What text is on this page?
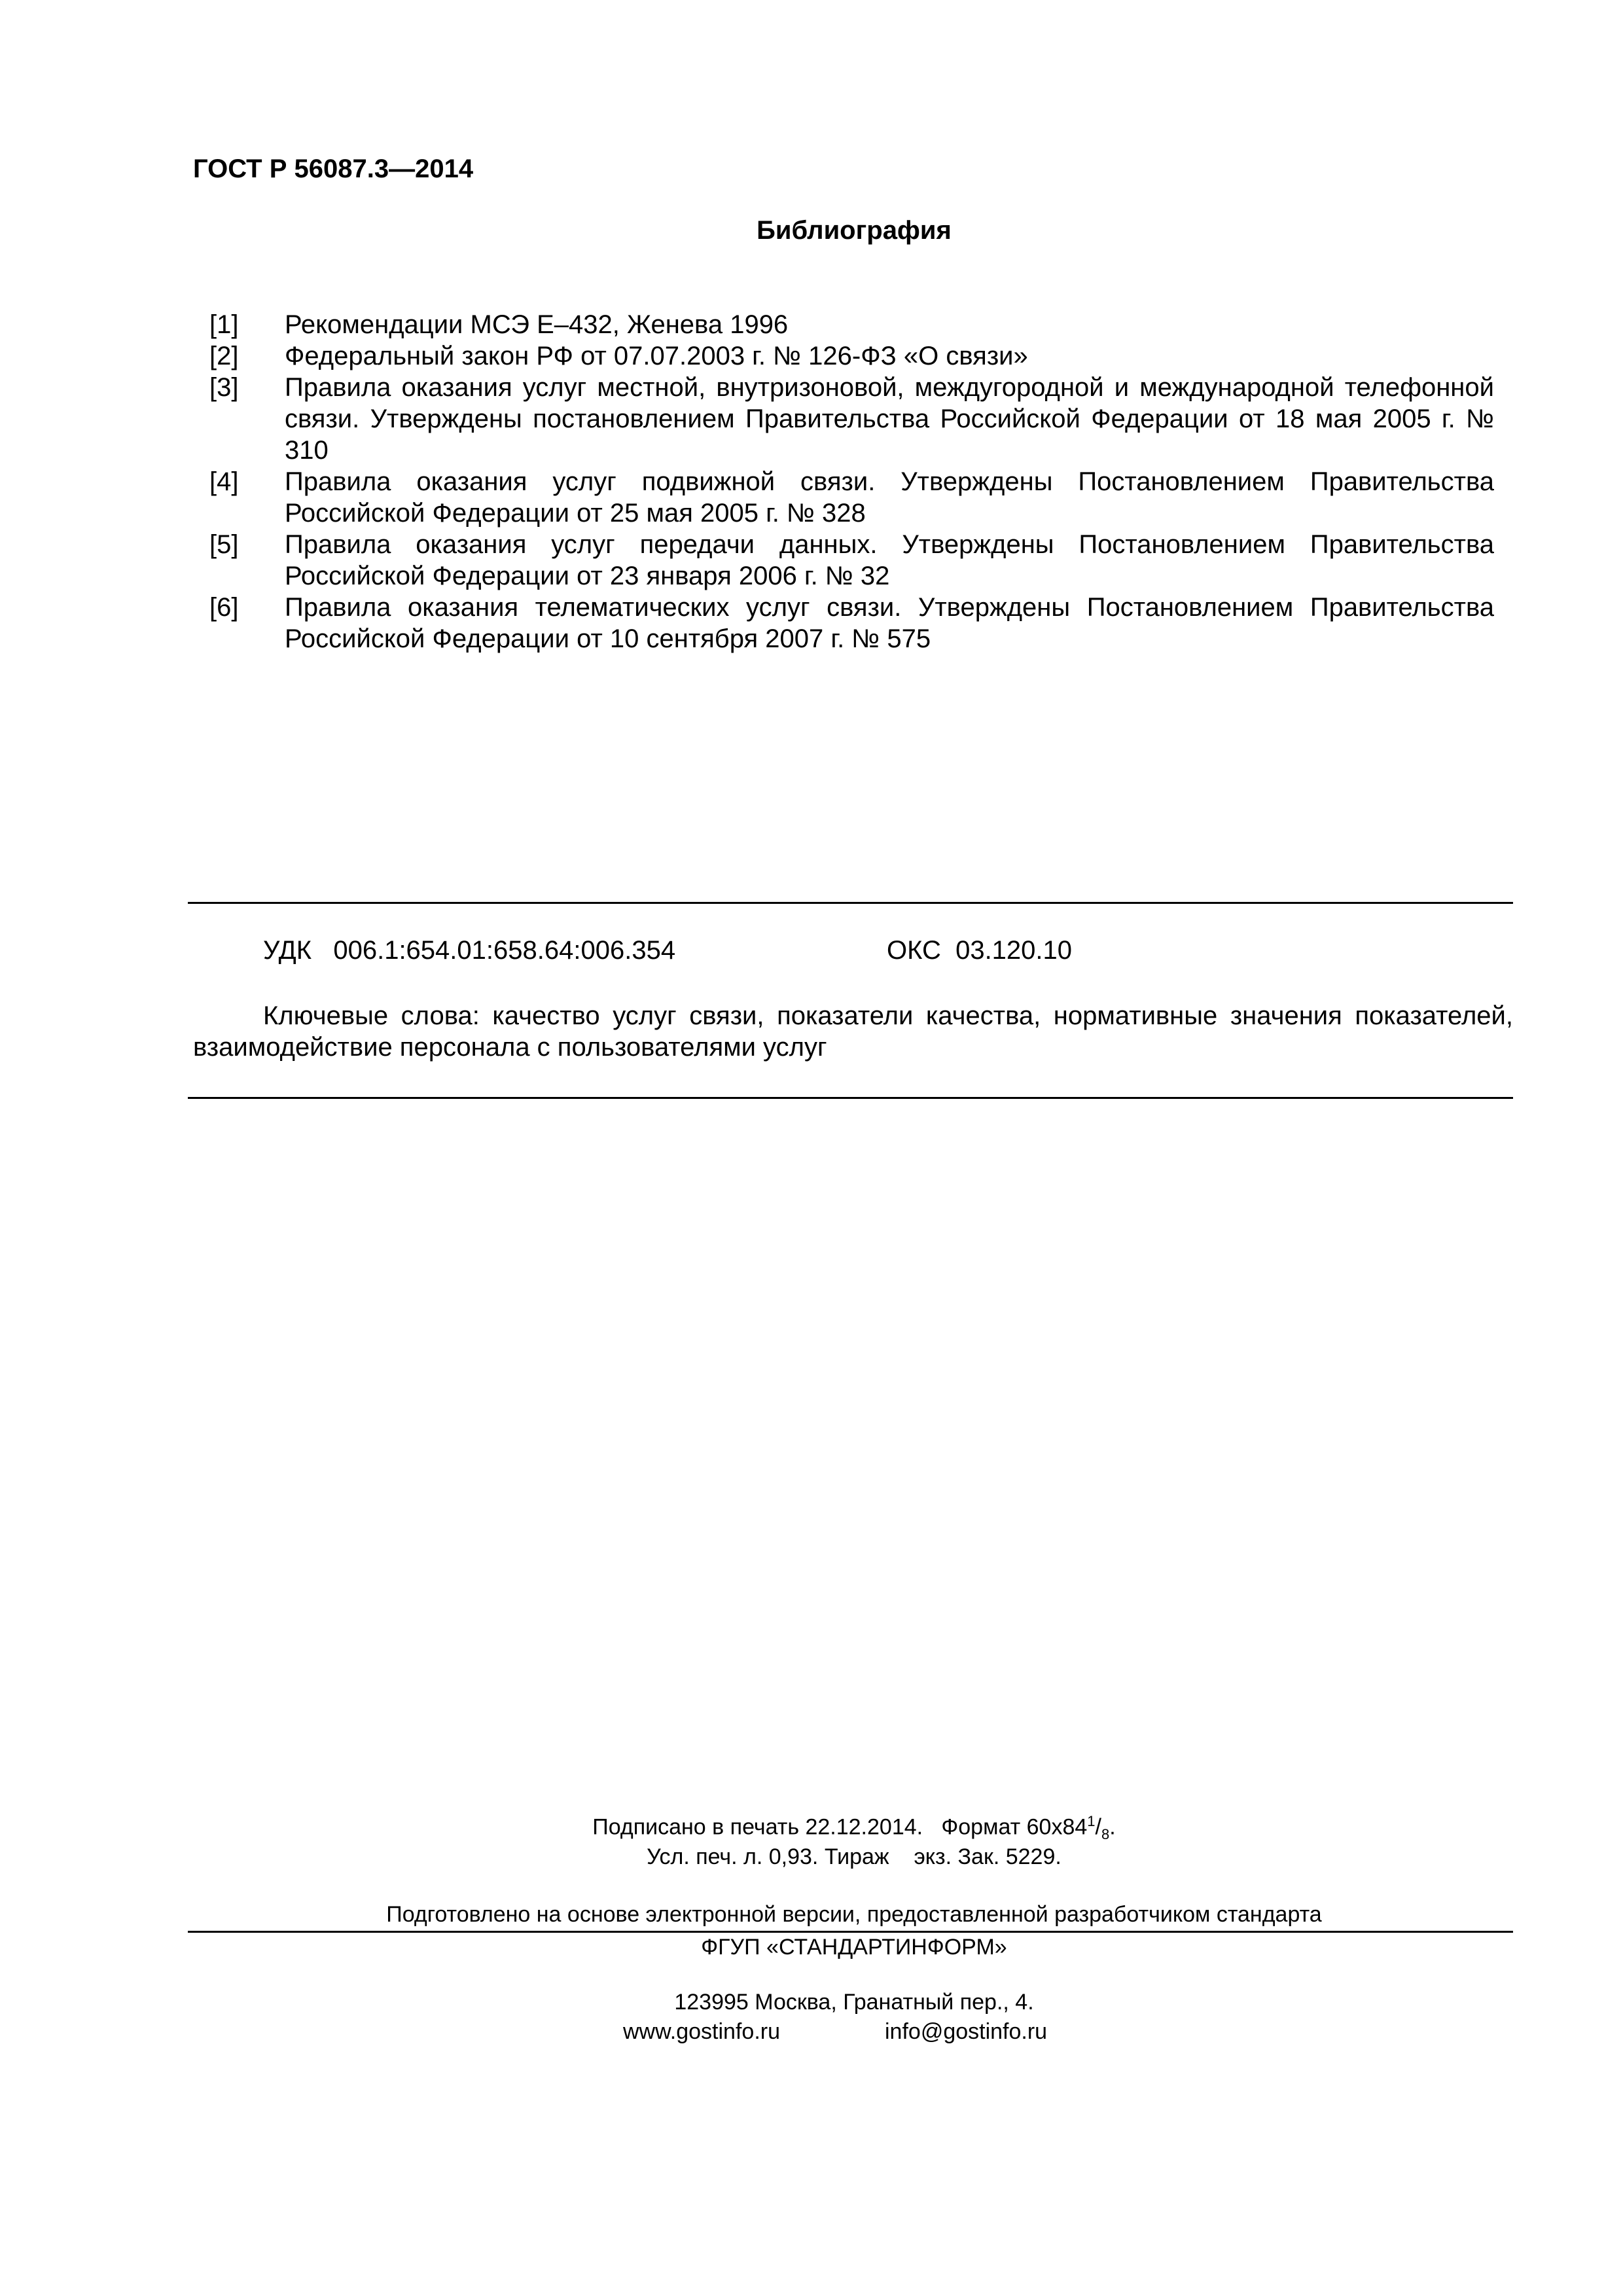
ГОСТ Р 56087.3—2014
Библиография
[1]	Рекомендации МСЭ Е–432, Женева 1996
[2]	Федеральный закон РФ от 07.07.2003 г. № 126-ФЗ «О связи»
[3]	Правила оказания услуг местной, внутризоновой, междугородной и международной телефонной связи. Утверждены постановлением Правительства Российской Федерации от 18 мая 2005 г. № 310
[4]	Правила оказания услуг подвижной связи. Утверждены Постановлением Правительства Российской Федерации от 25 мая 2005 г. № 328
[5]	Правила оказания услуг передачи данных. Утверждены Постановлением Правительства Российской Федерации от 23 января 2006 г. № 32
[6]	Правила оказания телематических услуг связи. Утверждены Постановлением Правительства Российской Федерации от 10 сентября 2007 г. № 575
УДК   006.1:654.01:658.64:006.354	ОКС  03.120.10

Ключевые слова: качество услуг связи, показатели качества, нормативные значения показателей, взаимодействие персонала с пользователями услуг

Подписано в печать 22.12.2014.   Формат $60х84^1/_8$.
Усл. печ. л. 0,93. Тираж    экз. Зак. 5229.
Подготовлено на основе электронной версии, предоставленной разработчиком стандарта
ФГУП «СТАНДАРТИНФОРМ»
123995 Москва, Гранатный пер., 4.
www.gostinfo.ru	info@gostinfo.ru
